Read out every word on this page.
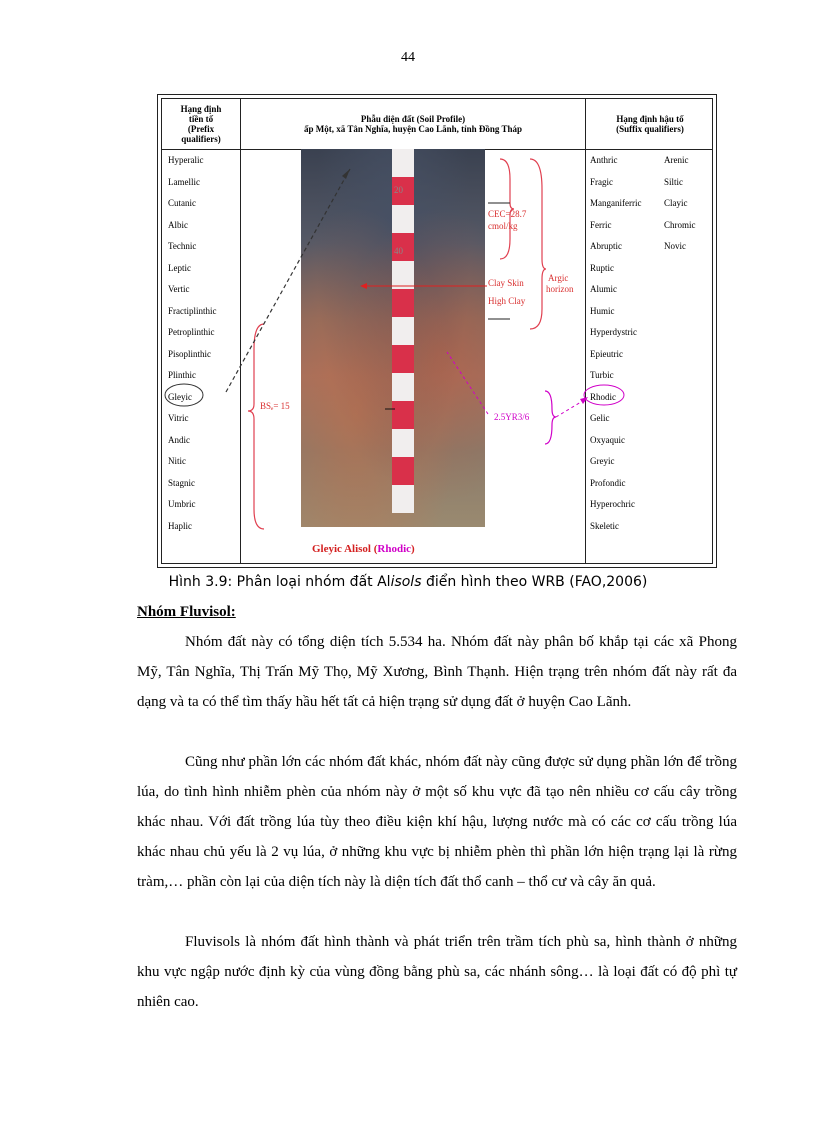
44
Hạng định
tiền tố
(Prefix
qualifiers)
Phẫu diện đất (Soil Profile)
ấp Một, xã Tân Nghĩa, huyện Cao Lãnh, tỉnh Đồng Tháp
Hạng định hậu tố
(Suffix qualifiers)
Hyperalic
Lamellic
Cutanic
Albic
Technic
Leptic
Vertic
Fractiplinthic
Petroplinthic
Pisoplinthic
Plinthic
Gleyic
Vitric
Andic
Nitic
Stagnic
Umbric
Haplic
Anthric
Fragic
Manganiferric
Ferric
Abruptic
Ruptic
Alumic
Humic
Hyperdystric
Epieutric
Turbic
Rhodic
Gelic
Oxyaquic
Greyic
Profondic
Hyperochric
Skeletic
Arenic
Siltic
Clayic
Chromic
Novic
20
40
CEC=28.7
cmol/kg
Clay Skin
High Clay
Argic
horizon
BSₑ= 15
2.5YR3/6
Gleyic Alisol (Rhodic)
Hình 3.9: Phân loại nhóm đất Alisols điển hình theo WRB (FAO,2006)
Nhóm Fluvisol:

Nhóm đất này có tổng diện tích 5.534 ha. Nhóm đất này phân bố khắp tại các xã Phong Mỹ, Tân Nghĩa, Thị Trấn Mỹ Thọ, Mỹ Xương, Bình Thạnh. Hiện trạng trên nhóm đất này rất đa dạng và ta có thể tìm thấy hầu hết tất cả hiện trạng sử dụng đất ở huyện Cao Lãnh.

Cũng như phần lớn các nhóm đất khác, nhóm đất này cũng được sử dụng phần lớn để trồng lúa, do tình hình nhiễm phèn của nhóm này ở một số khu vực đã tạo nên nhiều cơ cấu cây trồng khác nhau. Với đất trồng lúa tùy theo điều kiện khí hậu, lượng nước mà có các cơ cấu trồng lúa khác nhau chủ yếu là 2 vụ lúa, ở những khu vực bị nhiễm phèn thì phần lớn hiện trạng lại là rừng tràm,… phần còn lại của diện tích này là diện tích đất thổ canh – thổ cư và cây ăn quả.

Fluvisols là nhóm đất hình thành và phát triển trên trầm tích phù sa, hình thành ở những khu vực ngập nước định kỳ của vùng đồng bằng phù sa, các nhánh sông… là loại đất có độ phì tự nhiên cao.
